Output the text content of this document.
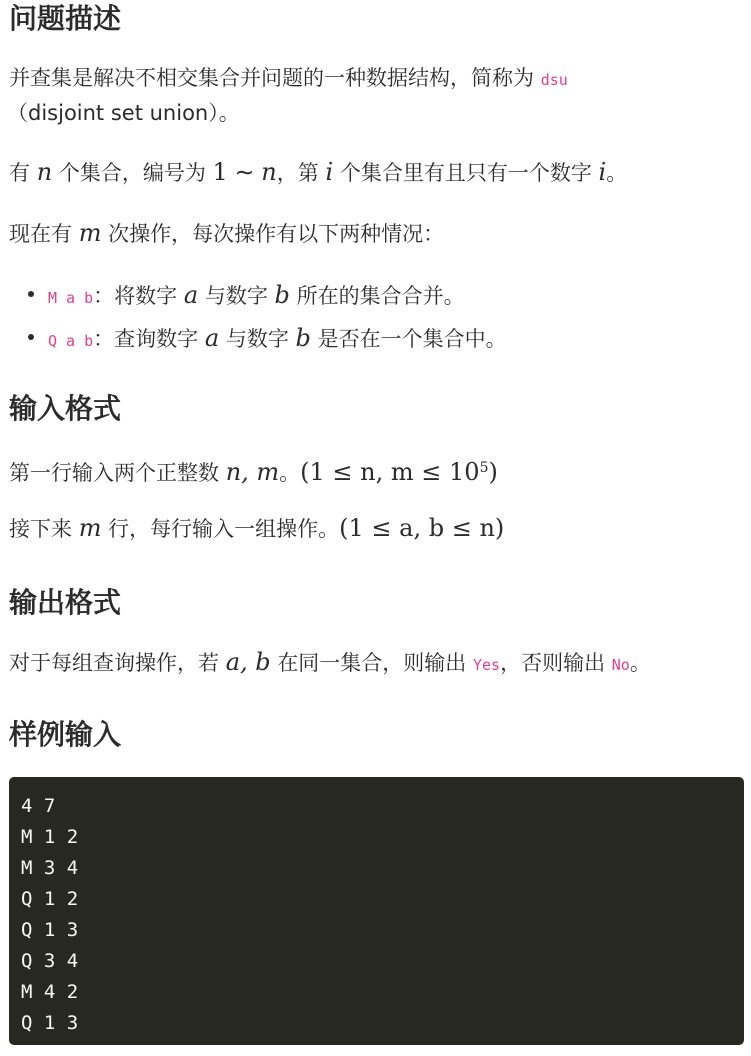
问题描述

并查集是解决不相交集合并问题的一种数据结构，简称为 dsu

（disjoint set union）。

有 n 个集合，编号为 1 ∼ n，第 i 个集合里有且只有一个数字 i。

现在有 m 次操作，每次操作有以下两种情况：

M a b：将数字 a 与数字 b 所在的集合合并。
Q a b：查询数字 a 与数字 b 是否在一个集合中。
输入格式

第一行输入两个正整数 n, m。(1 ≤ n, $m \le 10^5$)

接下来 m 行，每行输入一组操作。(1 ≤ a, b ≤ n)

输出格式

对于每组查询操作，若 a, b 在同一集合，则输出 Yes，否则输出 No。

样例输入
4 7
M 1 2
M 3 4
Q 1 2
Q 1 3
Q 3 4
M 4 2
Q 1 3
